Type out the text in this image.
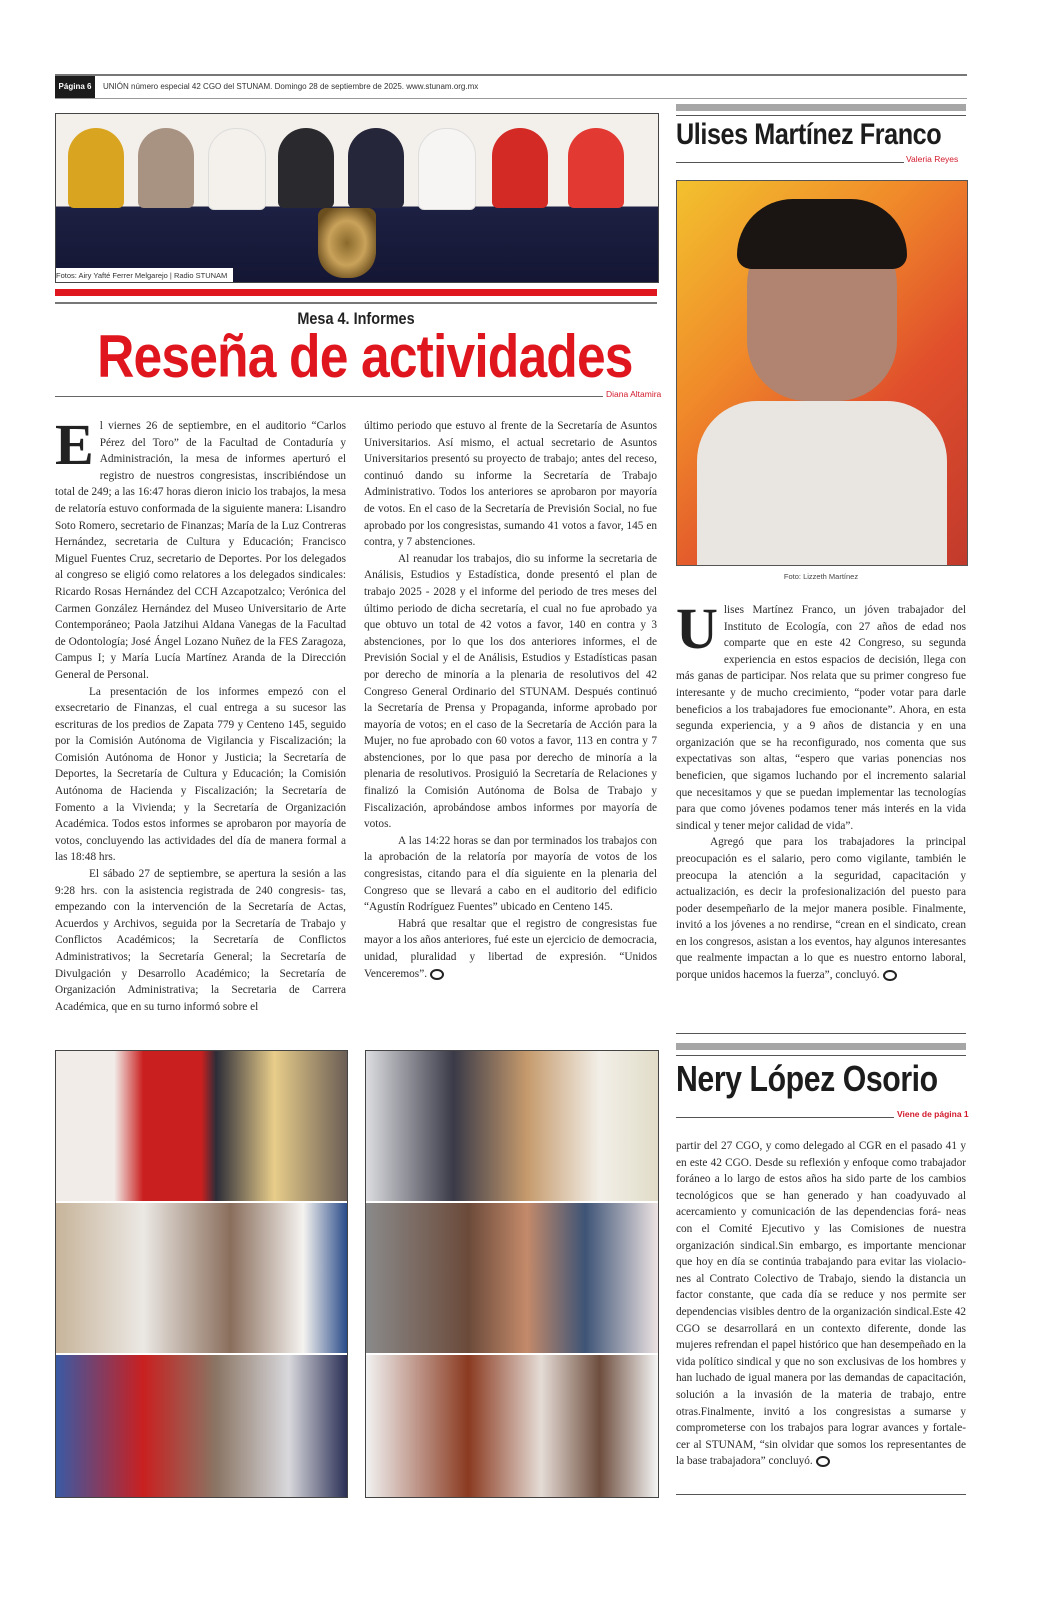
Página 6	UNIÓN número especial 42 CGO del STUNAM. Domingo 28 de septiembre de 2025. www.stunam.org.mx
Fotos: Airy Yafté Ferrer Melgarejo | Radio STUNAM
Mesa 4. Informes
Reseña de actividades
Diana Altamira

El viernes 26 de septiembre, en el auditorio “Carlos Pérez del Toro” de la Facultad de Contaduría y Administración, la mesa de informes aperturó el registro de nuestros congresistas, inscribiéndose un total de 249; a las 16:47 horas dieron inicio los trabajos, la mesa de relatoría estuvo conformada de la siguiente manera: Lisandro Soto Romero, secretario de Finanzas; María de la Luz Contreras Hernández, secretaria de Cultura y Educación; Francisco Miguel Fuentes Cruz, secretario de Deportes. Por los delegados al congreso se eligió como relatores a los delegados sindicales: Ricardo Rosas Hernández del CCH Azcapotzalco; Verónica del Carmen González Hernández del Museo Universitario de Arte Contemporáneo; Paola Jatzihui Aldana Vanegas de la Facultad de Odontología; José Ángel Lozano Nuñez de la FES Zaragoza, Campus I; y María Lucía Martínez Aranda de la Dirección General de Personal.

La presentación de los informes empezó con el exsecretario de Finanzas, el cual entrega a su sucesor las escrituras de los predios de Zapata 779 y Centeno 145, seguido por la Comisión Autónoma de Vigilancia y Fiscalización; la Comisión Autónoma de Honor y Justicia; la Secretaría de Deportes, la Secretaría de Cultura y Educación; la Comisión Autónoma de Hacienda y Fiscalización; la Secretaría de Fomento a la Vivienda; y la Secretaría de Organización Académica. Todos estos informes se aprobaron por mayoría de votos, concluyendo las actividades del día de manera formal a las 18:48 hrs.

El sábado 27 de septiembre, se apertura la sesión a las 9:28 hrs. con la asistencia registrada de 240 congresis- tas, empezando con la intervención de la Secretaría de Actas, Acuerdos y Archivos, seguida por la Secretaría de Trabajo y Conflictos Académicos; la Secretaría de Conflictos Administrativos; la Secretaría General; la Secretaría de Divulgación y Desarrollo Académico; la Secretaría de Organización Administrativa; la Secretaria de Carrera Académica, que en su turno informó sobre el

último periodo que estuvo al frente de la Secretaría de Asuntos Universitarios. Así mismo, el actual secretario de Asuntos Universitarios presentó su proyecto de trabajo; antes del receso, continuó dando su informe la Secretaría de Trabajo Administrativo. Todos los anteriores se aprobaron por mayoría de votos. En el caso de la Secretaría de Previsión Social, no fue aprobado por los congresistas, sumando 41 votos a favor, 145 en contra, y 7 abstenciones.

Al reanudar los trabajos, dio su informe la secretaria de Análisis, Estudios y Estadística, donde presentó el plan de trabajo 2025 - 2028 y el informe del periodo de tres meses del último periodo de dicha secretaría, el cual no fue aprobado ya que obtuvo un total de 42 votos a favor, 140 en contra y 3 abstenciones, por lo que los dos anteriores informes, el de Previsión Social y el de Análisis, Estudios y Estadísticas pasan por derecho de minoría a la plenaria de resolutivos del 42 Congreso General Ordinario del STUNAM. Después continuó la Secretaría de Prensa y Propaganda, informe aprobado por mayoría de votos; en el caso de la Secretaría de Acción para la Mujer, no fue aprobado con 60 votos a favor, 113 en contra y 7 abstenciones, por lo que pasa por derecho de minoría a la plenaria de resolutivos. Prosiguió la Secretaría de Relaciones y finalizó la Comisión Autónoma de Bolsa de Trabajo y Fiscalización, aprobándose ambos informes por mayoría de votos.

A las 14:22 horas se dan por terminados los trabajos con la aprobación de la relatoría por mayoría de votos de los congresistas, citando para el día siguiente en la plenaria del Congreso que se llevará a cabo en el auditorio del edificio “Agustín Rodríguez Fuentes” ubicado en Centeno 145.

Habrá que resaltar que el registro de congresistas fue mayor a los años anteriores, fué este un ejercicio de democracia, unidad, pluralidad y libertad de expresión. “Unidos Venceremos”.

Ulises Martínez Franco
Valeria Reyes
Foto: Lizzeth Martínez

Ulises Martínez Franco, un jóven trabajador del Instituto de Ecología, con 27 años de edad nos comparte que en este 42 Congreso, su segunda experiencia en estos espacios de decisión, llega con más ganas de participar. Nos relata que su primer congreso fue interesante y de mucho crecimiento, “poder votar para darle beneficios a los trabajadores fue emocionante”. Ahora, en esta segunda experiencia, y a 9 años de distancia y en una organización que se ha reconfigurado, nos comenta que sus expectativas son altas, “espero que varias ponencias nos beneficien, que sigamos luchando por el incremento salarial que necesitamos y que se puedan implementar las tecnologías para que como jóvenes podamos tener más interés en la vida sindical y tener mejor calidad de vida”.

Agregó que para los trabajadores la principal preocupación es el salario, pero como vigilante, también le preocupa la atención a la seguridad, capacitación y actualización, es decir la profesionalización del puesto para poder desempeñarlo de la mejor manera posible. Finalmente, invitó a los jóvenes a no rendirse, “crean en el sindicato, crean en los congresos, asistan a los eventos, hay algunos interesantes que realmente impactan a lo que es nuestro entorno laboral, porque unidos hacemos la fuerza”, concluyó.

Nery López Osorio
Viene de página 1

partir del 27 CGO, y como delegado al CGR en el pasado 41 y en este 42 CGO. Desde su reflexión y enfoque como trabajador foráneo a lo largo de estos años ha sido parte de los cambios tecnológicos que se han generado y han coadyuvado al acercamiento y comunicación de las dependencias forá- neas con el Comité Ejecutivo y las Comisiones de nuestra organización sindical.Sin embargo, es importante mencionar que hoy en día se continúa trabajando para evitar las violacio- nes al Contrato Colectivo de Trabajo, siendo la distancia un factor constante, que cada día se reduce y nos permite ser dependencias visibles dentro de la organización sindical.Este 42 CGO se desarrollará en un contexto diferente, donde las mujeres refrendan el papel histórico que han desempeñado en la vida político sindical y que no son exclusivas de los hombres y han luchado de igual manera por las demandas de capacitación, solución a la invasión de la materia de trabajo, entre otras.Finalmente, invitó a los congresistas a sumarse y comprometerse con los trabajos para lograr avances y fortale- cer al STUNAM, “sin olvidar que somos los representantes de la base trabajadora” concluyó.
